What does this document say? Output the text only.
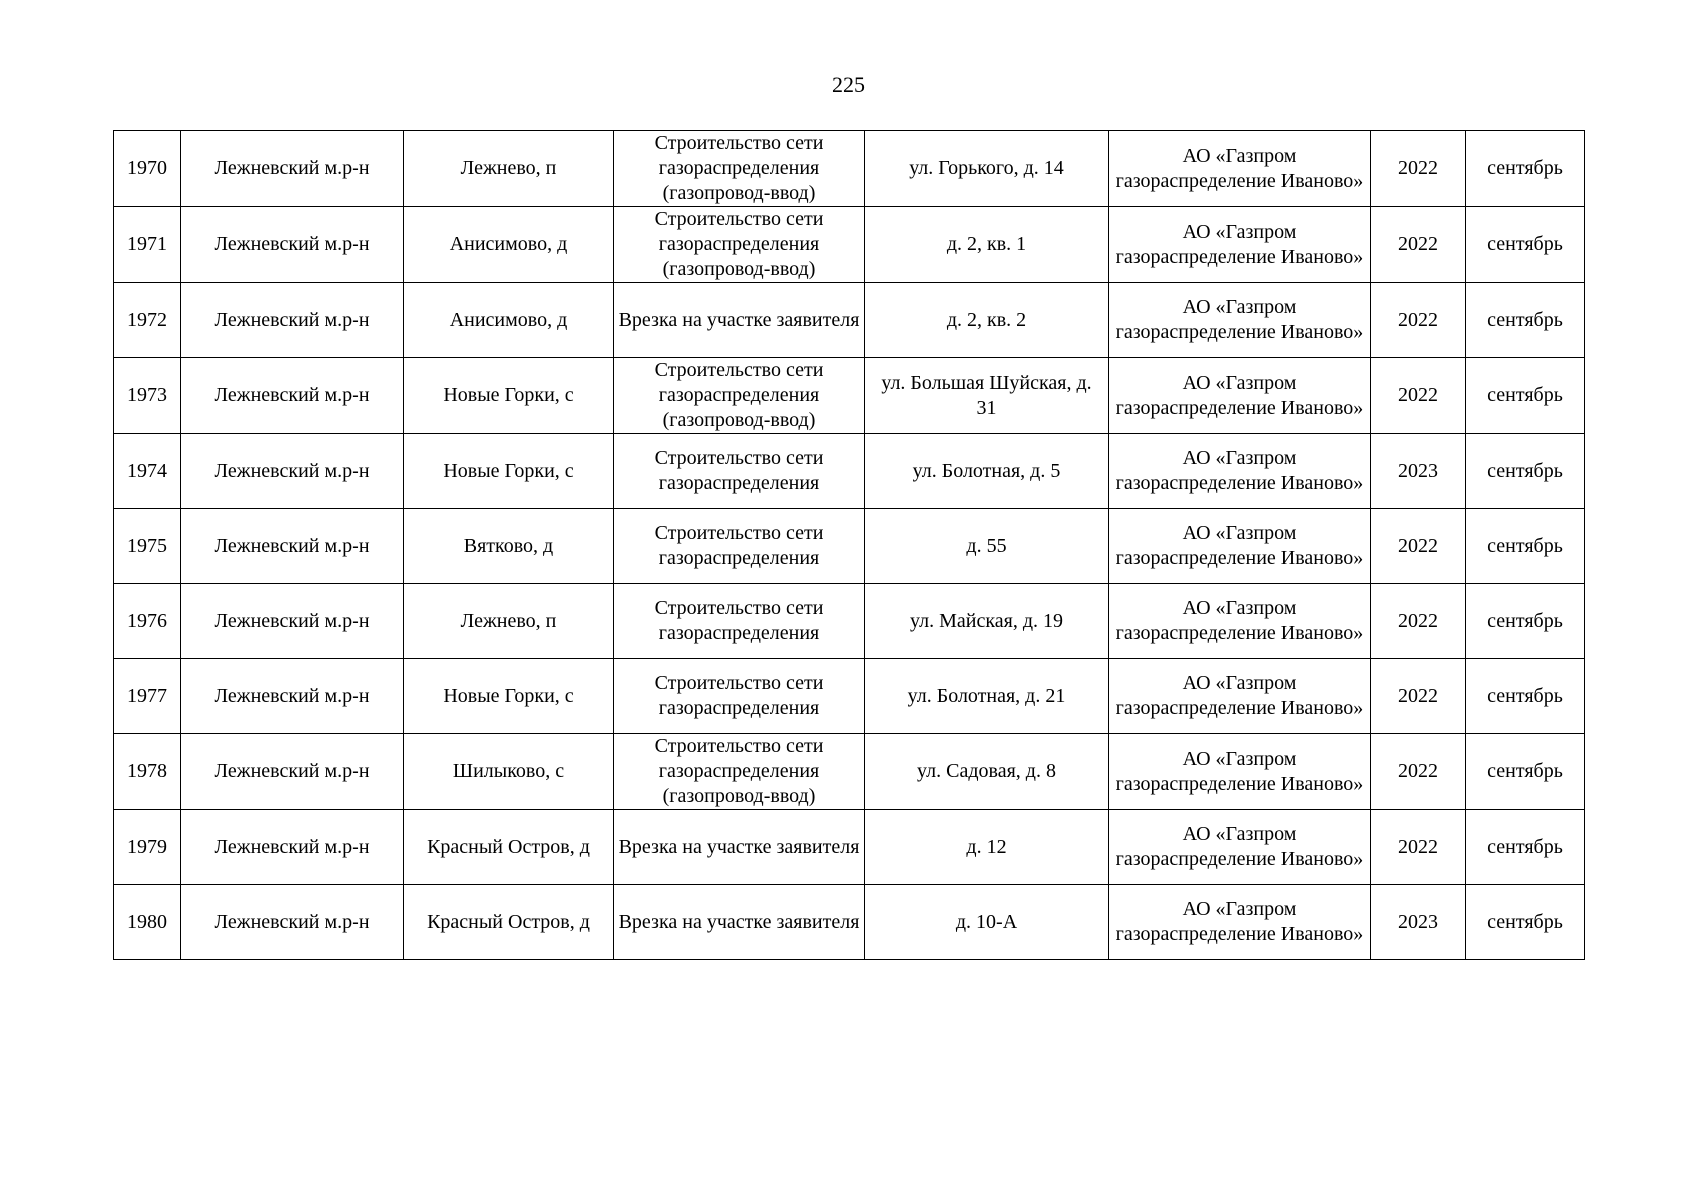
225
1970	Лежневский м.р-н	Лежнево, п	Строительство сети газораспределения (газопровод-ввод)	ул. Горького, д. 14	АО «Газпром газораспределение Иваново»	2022	сентябрь
1971	Лежневский м.р-н	Анисимово, д	Строительство сети газораспределения (газопровод-ввод)	д. 2, кв. 1	АО «Газпром газораспределение Иваново»	2022	сентябрь
1972	Лежневский м.р-н	Анисимово, д	Врезка на участке заявителя	д. 2, кв. 2	АО «Газпром газораспределение Иваново»	2022	сентябрь
1973	Лежневский м.р-н	Новые Горки, с	Строительство сети газораспределения (газопровод-ввод)	ул. Большая Шуйская, д. 31	АО «Газпром газораспределение Иваново»	2022	сентябрь
1974	Лежневский м.р-н	Новые Горки, с	Строительство сети газораспределения	ул. Болотная, д. 5	АО «Газпром газораспределение Иваново»	2023	сентябрь
1975	Лежневский м.р-н	Вятково, д	Строительство сети газораспределения	д. 55	АО «Газпром газораспределение Иваново»	2022	сентябрь
1976	Лежневский м.р-н	Лежнево, п	Строительство сети газораспределения	ул. Майская, д. 19	АО «Газпром газораспределение Иваново»	2022	сентябрь
1977	Лежневский м.р-н	Новые Горки, с	Строительство сети газораспределения	ул. Болотная, д. 21	АО «Газпром газораспределение Иваново»	2022	сентябрь
1978	Лежневский м.р-н	Шилыково, с	Строительство сети газораспределения (газопровод-ввод)	ул. Садовая, д. 8	АО «Газпром газораспределение Иваново»	2022	сентябрь
1979	Лежневский м.р-н	Красный Остров, д	Врезка на участке заявителя	д. 12	АО «Газпром газораспределение Иваново»	2022	сентябрь
1980	Лежневский м.р-н	Красный Остров, д	Врезка на участке заявителя	д. 10-А	АО «Газпром газораспределение Иваново»	2023	сентябрь
